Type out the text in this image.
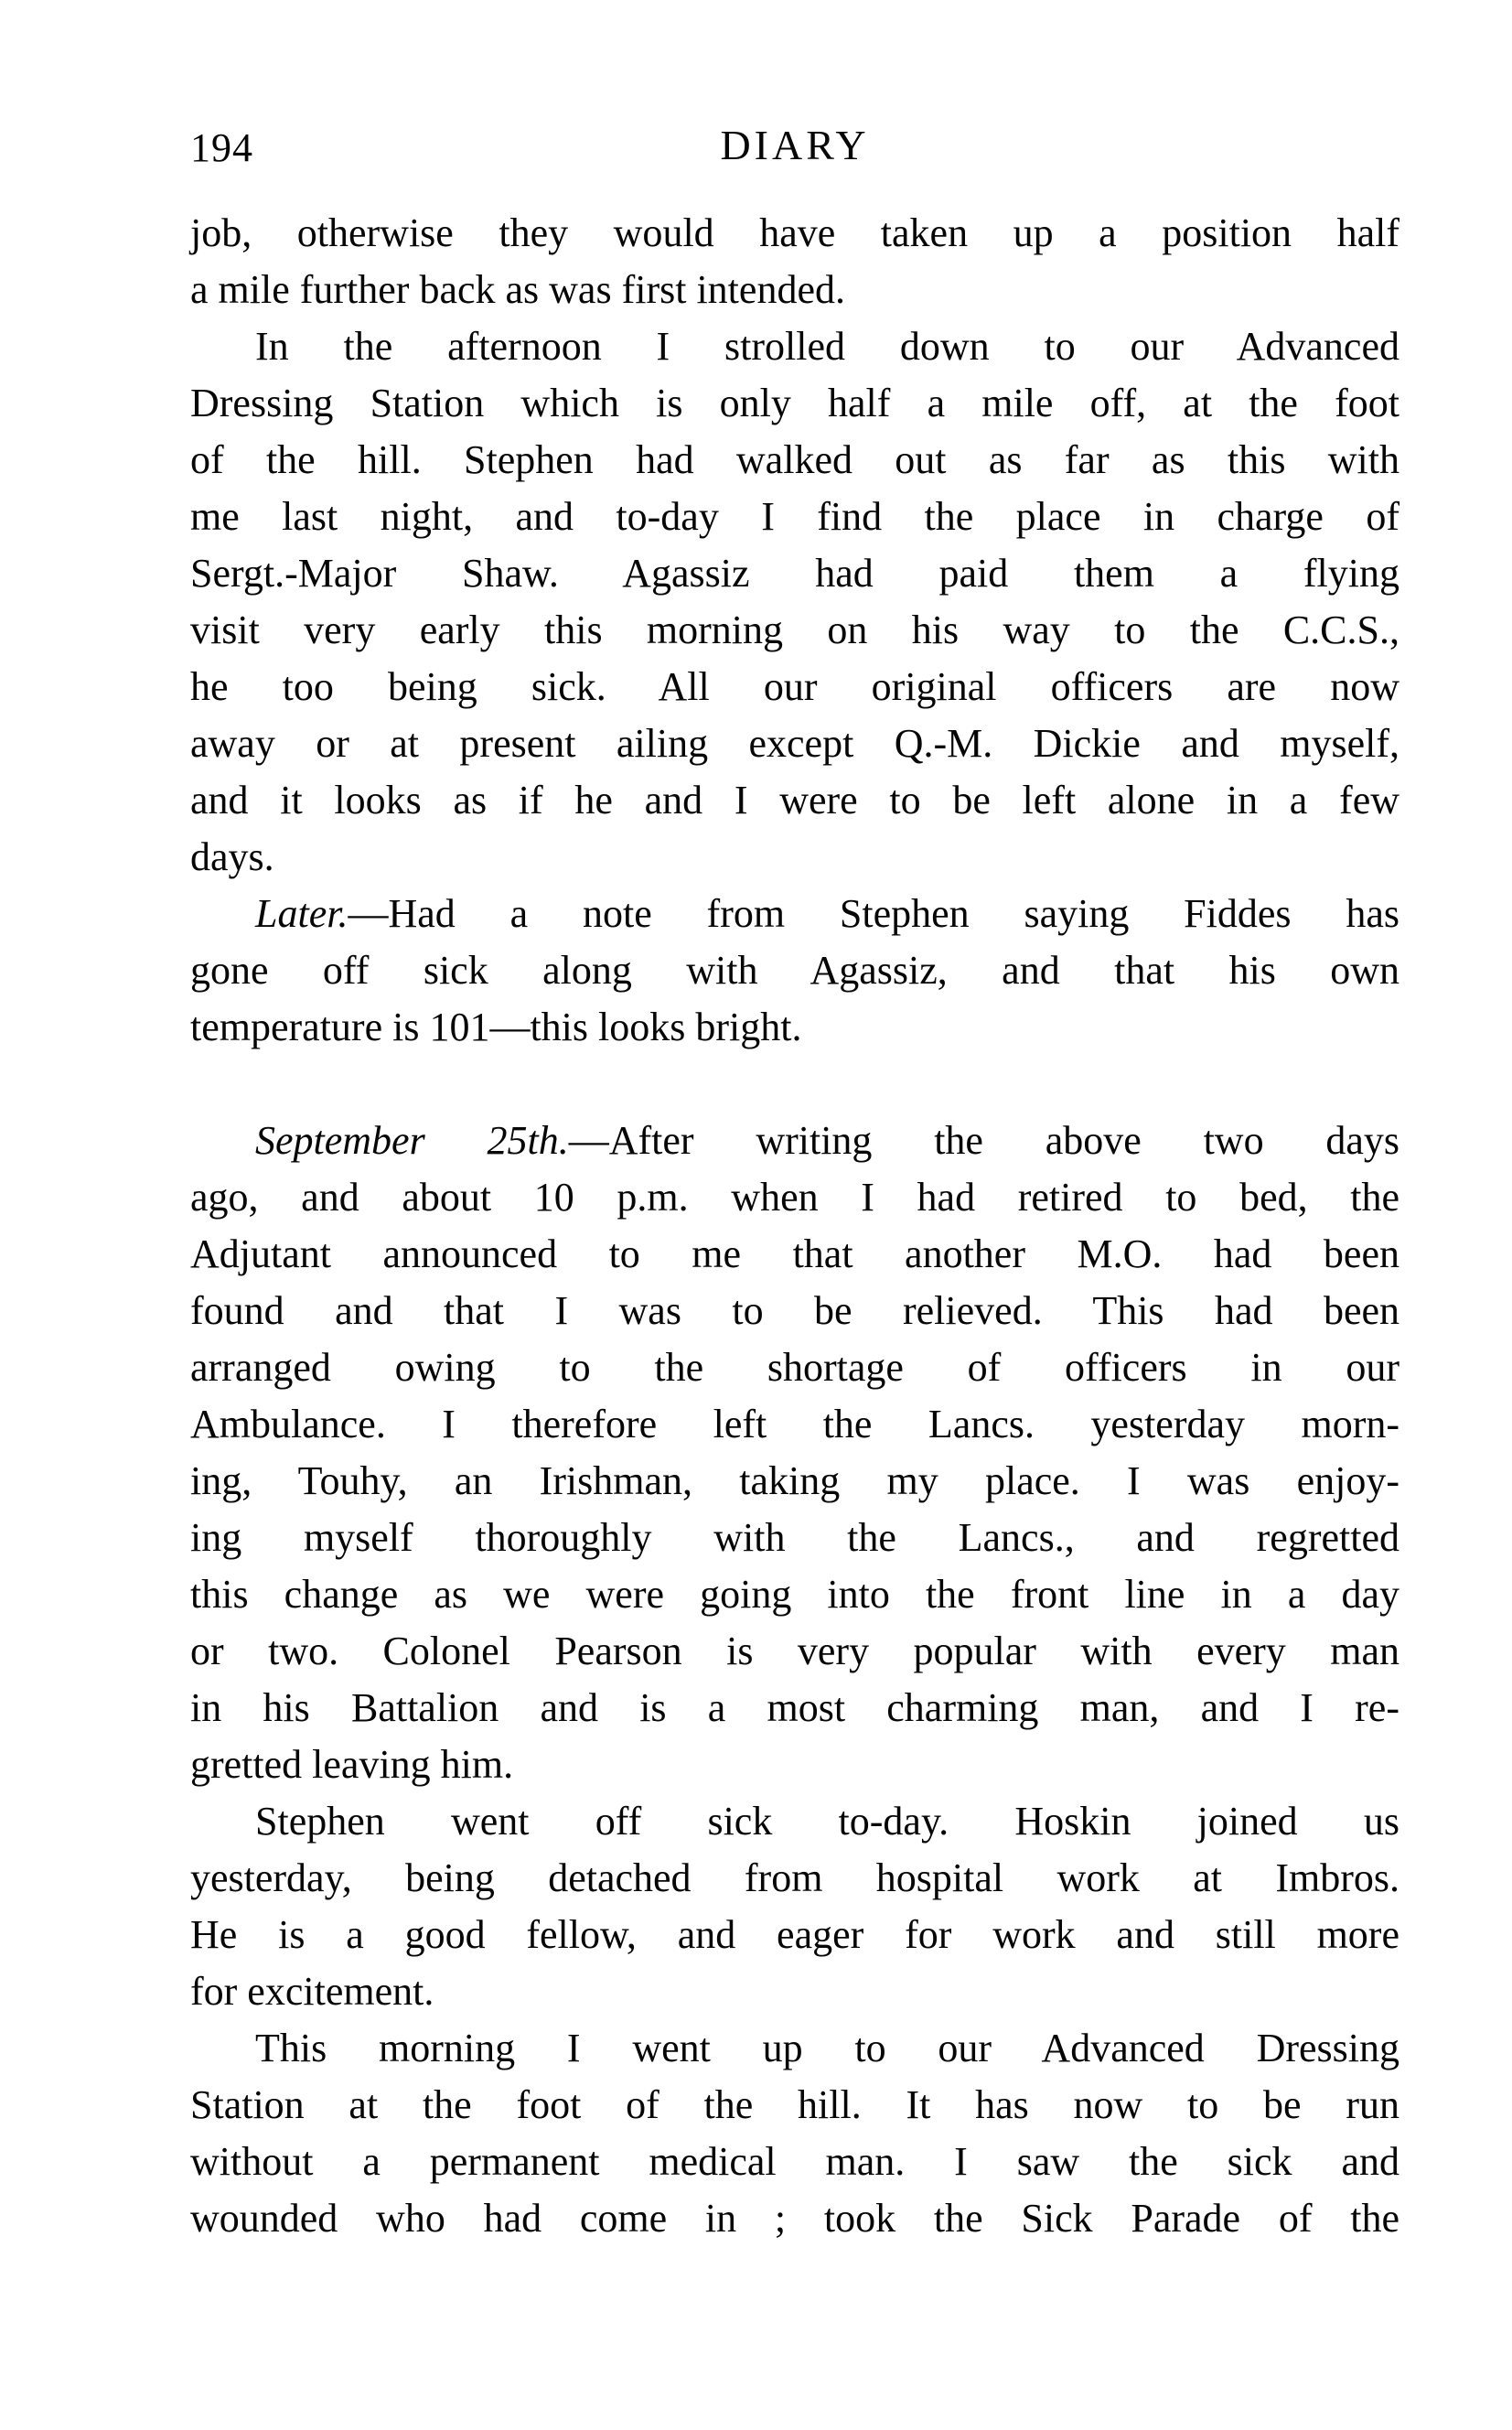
194	DIARY
job, otherwise they would have taken up a position half
a mile further back as was first intended.
In the afternoon I strolled down to our Advanced
Dressing Station which is only half a mile off, at the foot
of the hill. Stephen had walked out as far as this with
me last night, and to-day I find the place in charge of
Sergt.-Major Shaw. Agassiz had paid them a flying
visit very early this morning on his way to the C.C.S.,
he too being sick. All our original officers are now
away or at present ailing except Q.-M. Dickie and myself,
and it looks as if he and I were to be left alone in a few
days.
Later.—Had a note from Stephen saying Fiddes has
gone off sick along with Agassiz, and that his own
temperature is 101—this looks bright.
September 25th.—After writing the above two days
ago, and about 10 p.m. when I had retired to bed, the
Adjutant announced to me that another M.O. had been
found and that I was to be relieved. This had been
arranged owing to the shortage of officers in our
Ambulance. I therefore left the Lancs. yesterday morn-
ing, Touhy, an Irishman, taking my place. I was enjoy-
ing myself thoroughly with the Lancs., and regretted
this change as we were going into the front line in a day
or two. Colonel Pearson is very popular with every man
in his Battalion and is a most charming man, and I re-
gretted leaving him.
Stephen went off sick to-day. Hoskin joined us
yesterday, being detached from hospital work at Imbros.
He is a good fellow, and eager for work and still more
for excitement.
This morning I went up to our Advanced Dressing
Station at the foot of the hill. It has now to be run
without a permanent medical man. I saw the sick and
wounded who had come in ; took the Sick Parade of the
